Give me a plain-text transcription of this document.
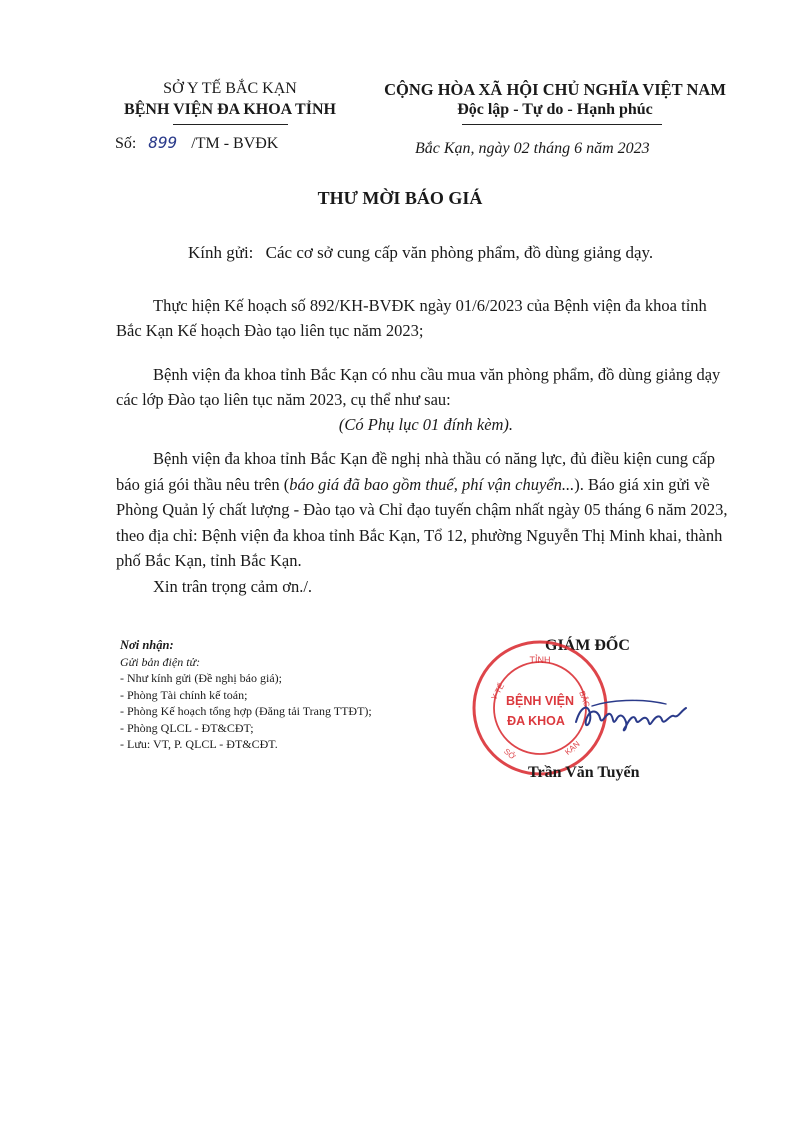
SỞ Y TẾ BẮC KẠN
BỆNH VIỆN ĐA KHOA TỈNH
Số: 899 /TM - BVĐK
CỘNG HÒA XÃ HỘI CHỦ NGHĨA VIỆT NAM
Độc lập - Tự do - Hạnh phúc
Bắc Kạn, ngày 02 tháng 6 năm 2023
THƯ MỜI BÁO GIÁ
Kính gửi: Các cơ sở cung cấp văn phòng phẩm, đồ dùng giảng dạy.

Thực hiện Kế hoạch số 892/KH-BVĐK ngày 01/6/2023 của Bệnh viện đa khoa tỉnh Bắc Kạn Kế hoạch Đào tạo liên tục năm 2023;

Bệnh viện đa khoa tỉnh Bắc Kạn có nhu cầu mua văn phòng phẩm, đồ dùng giảng dạy các lớp Đào tạo liên tục năm 2023, cụ thể như sau:

(Có Phụ lục 01 đính kèm).

Bệnh viện đa khoa tỉnh Bắc Kạn đề nghị nhà thầu có năng lực, đủ điều kiện cung cấp báo giá gói thầu nêu trên (báo giá đã bao gồm thuế, phí vận chuyển...). Báo giá xin gửi về Phòng Quản lý chất lượng - Đào tạo và Chỉ đạo tuyến chậm nhất ngày 05 tháng 6 năm 2023, theo địa chỉ: Bệnh viện đa khoa tỉnh Bắc Kạn, Tổ 12, phường Nguyễn Thị Minh khai, thành phố Bắc Kạn, tỉnh Bắc Kạn.

Xin trân trọng cảm ơn./.

Nơi nhận:
Gửi bản điện tử:
- Như kính gửi (Đề nghị báo giá);
- Phòng Tài chính kế toán;
- Phòng Kế hoạch tổng hợp (Đăng tải Trang TTĐT);
- Phòng QLCL - ĐT&CĐT;
- Lưu: VT, P. QLCL - ĐT&CĐT.
GIÁM ĐỐC
TỈNH
Y TẾ	BẮC
KẠN
SỞ
BỆNH VIỆN
ĐA KHOA
Trần Văn Tuyến
